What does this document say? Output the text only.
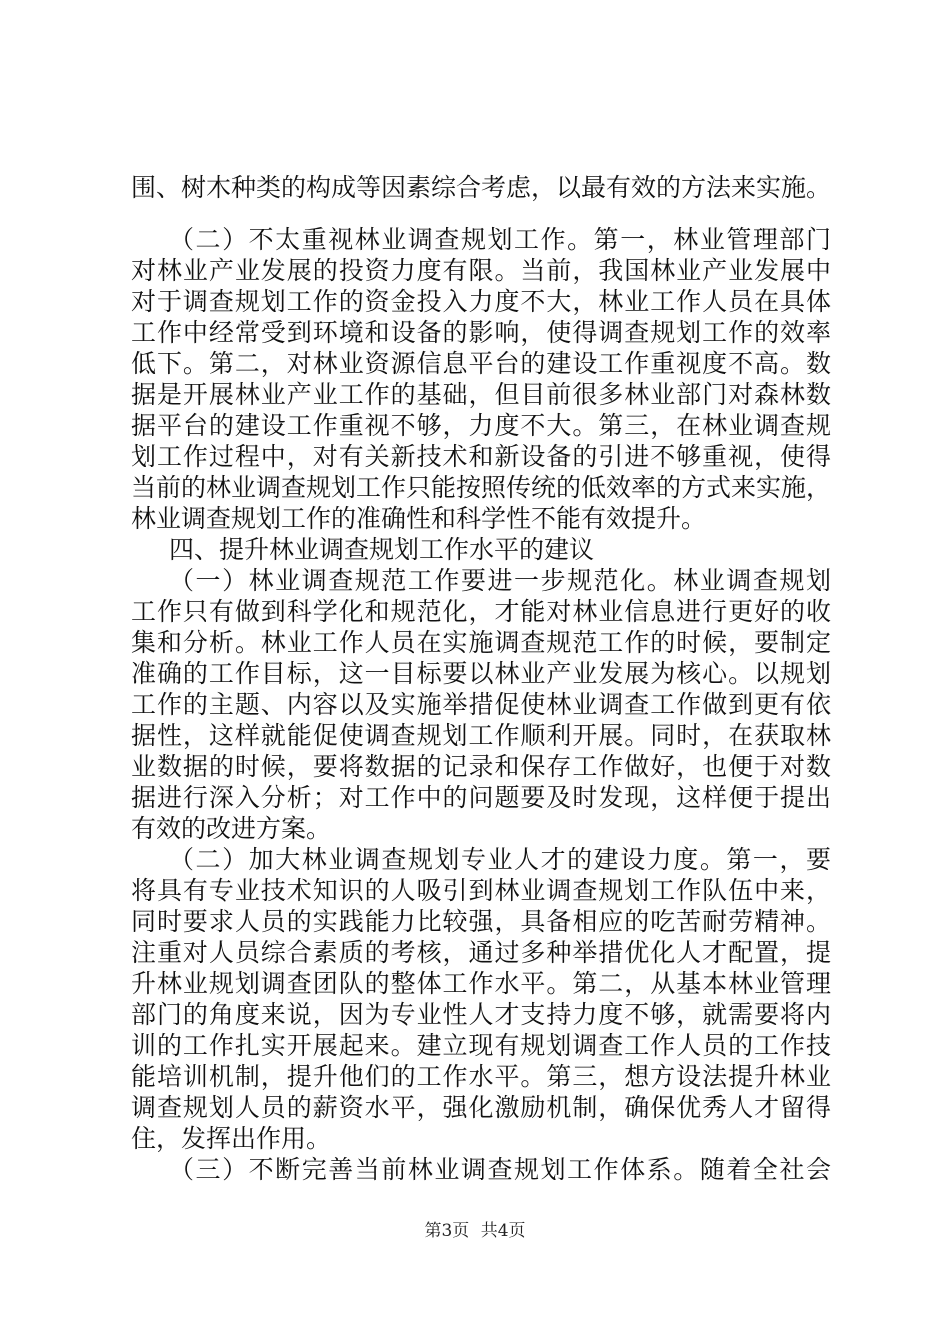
围、树木种类的构成等因素综合考虑，以最有效的方法来实施。
（二）不太重视林业调查规划工作。第一，林业管理部门
对林业产业发展的投资力度有限。当前，我国林业产业发展中
对于调查规划工作的资金投入力度不大，林业工作人员在具体
工作中经常受到环境和设备的影响，使得调查规划工作的效率
低下。第二，对林业资源信息平台的建设工作重视度不高。数
据是开展林业产业工作的基础，但目前很多林业部门对森林数
据平台的建设工作重视不够，力度不大。第三，在林业调查规
划工作过程中，对有关新技术和新设备的引进不够重视，使得
当前的林业调查规划工作只能按照传统的低效率的方式来实施，
林业调查规划工作的准确性和科学性不能有效提升。
四、提升林业调查规划工作水平的建议
（一）林业调查规范工作要进一步规范化。林业调查规划
工作只有做到科学化和规范化，才能对林业信息进行更好的收
集和分析。林业工作人员在实施调查规范工作的时候，要制定
准确的工作目标，这一目标要以林业产业发展为核心。以规划
工作的主题、内容以及实施举措促使林业调查工作做到更有依
据性，这样就能促使调查规划工作顺利开展。同时，在获取林
业数据的时候，要将数据的记录和保存工作做好，也便于对数
据进行深入分析；对工作中的问题要及时发现，这样便于提出
有效的改进方案。
（二）加大林业调查规划专业人才的建设力度。第一，要
将具有专业技术知识的人吸引到林业调查规划工作队伍中来，
同时要求人员的实践能力比较强，具备相应的吃苦耐劳精神。
注重对人员综合素质的考核，通过多种举措优化人才配置，提
升林业规划调查团队的整体工作水平。第二，从基本林业管理
部门的角度来说，因为专业性人才支持力度不够，就需要将内
训的工作扎实开展起来。建立现有规划调查工作人员的工作技
能培训机制，提升他们的工作水平。第三，想方设法提升林业
调查规划人员的薪资水平，强化激励机制，确保优秀人才留得
住，发挥出作用。
（三）不断完善当前林业调查规划工作体系。随着全社会
第3页 共4页
